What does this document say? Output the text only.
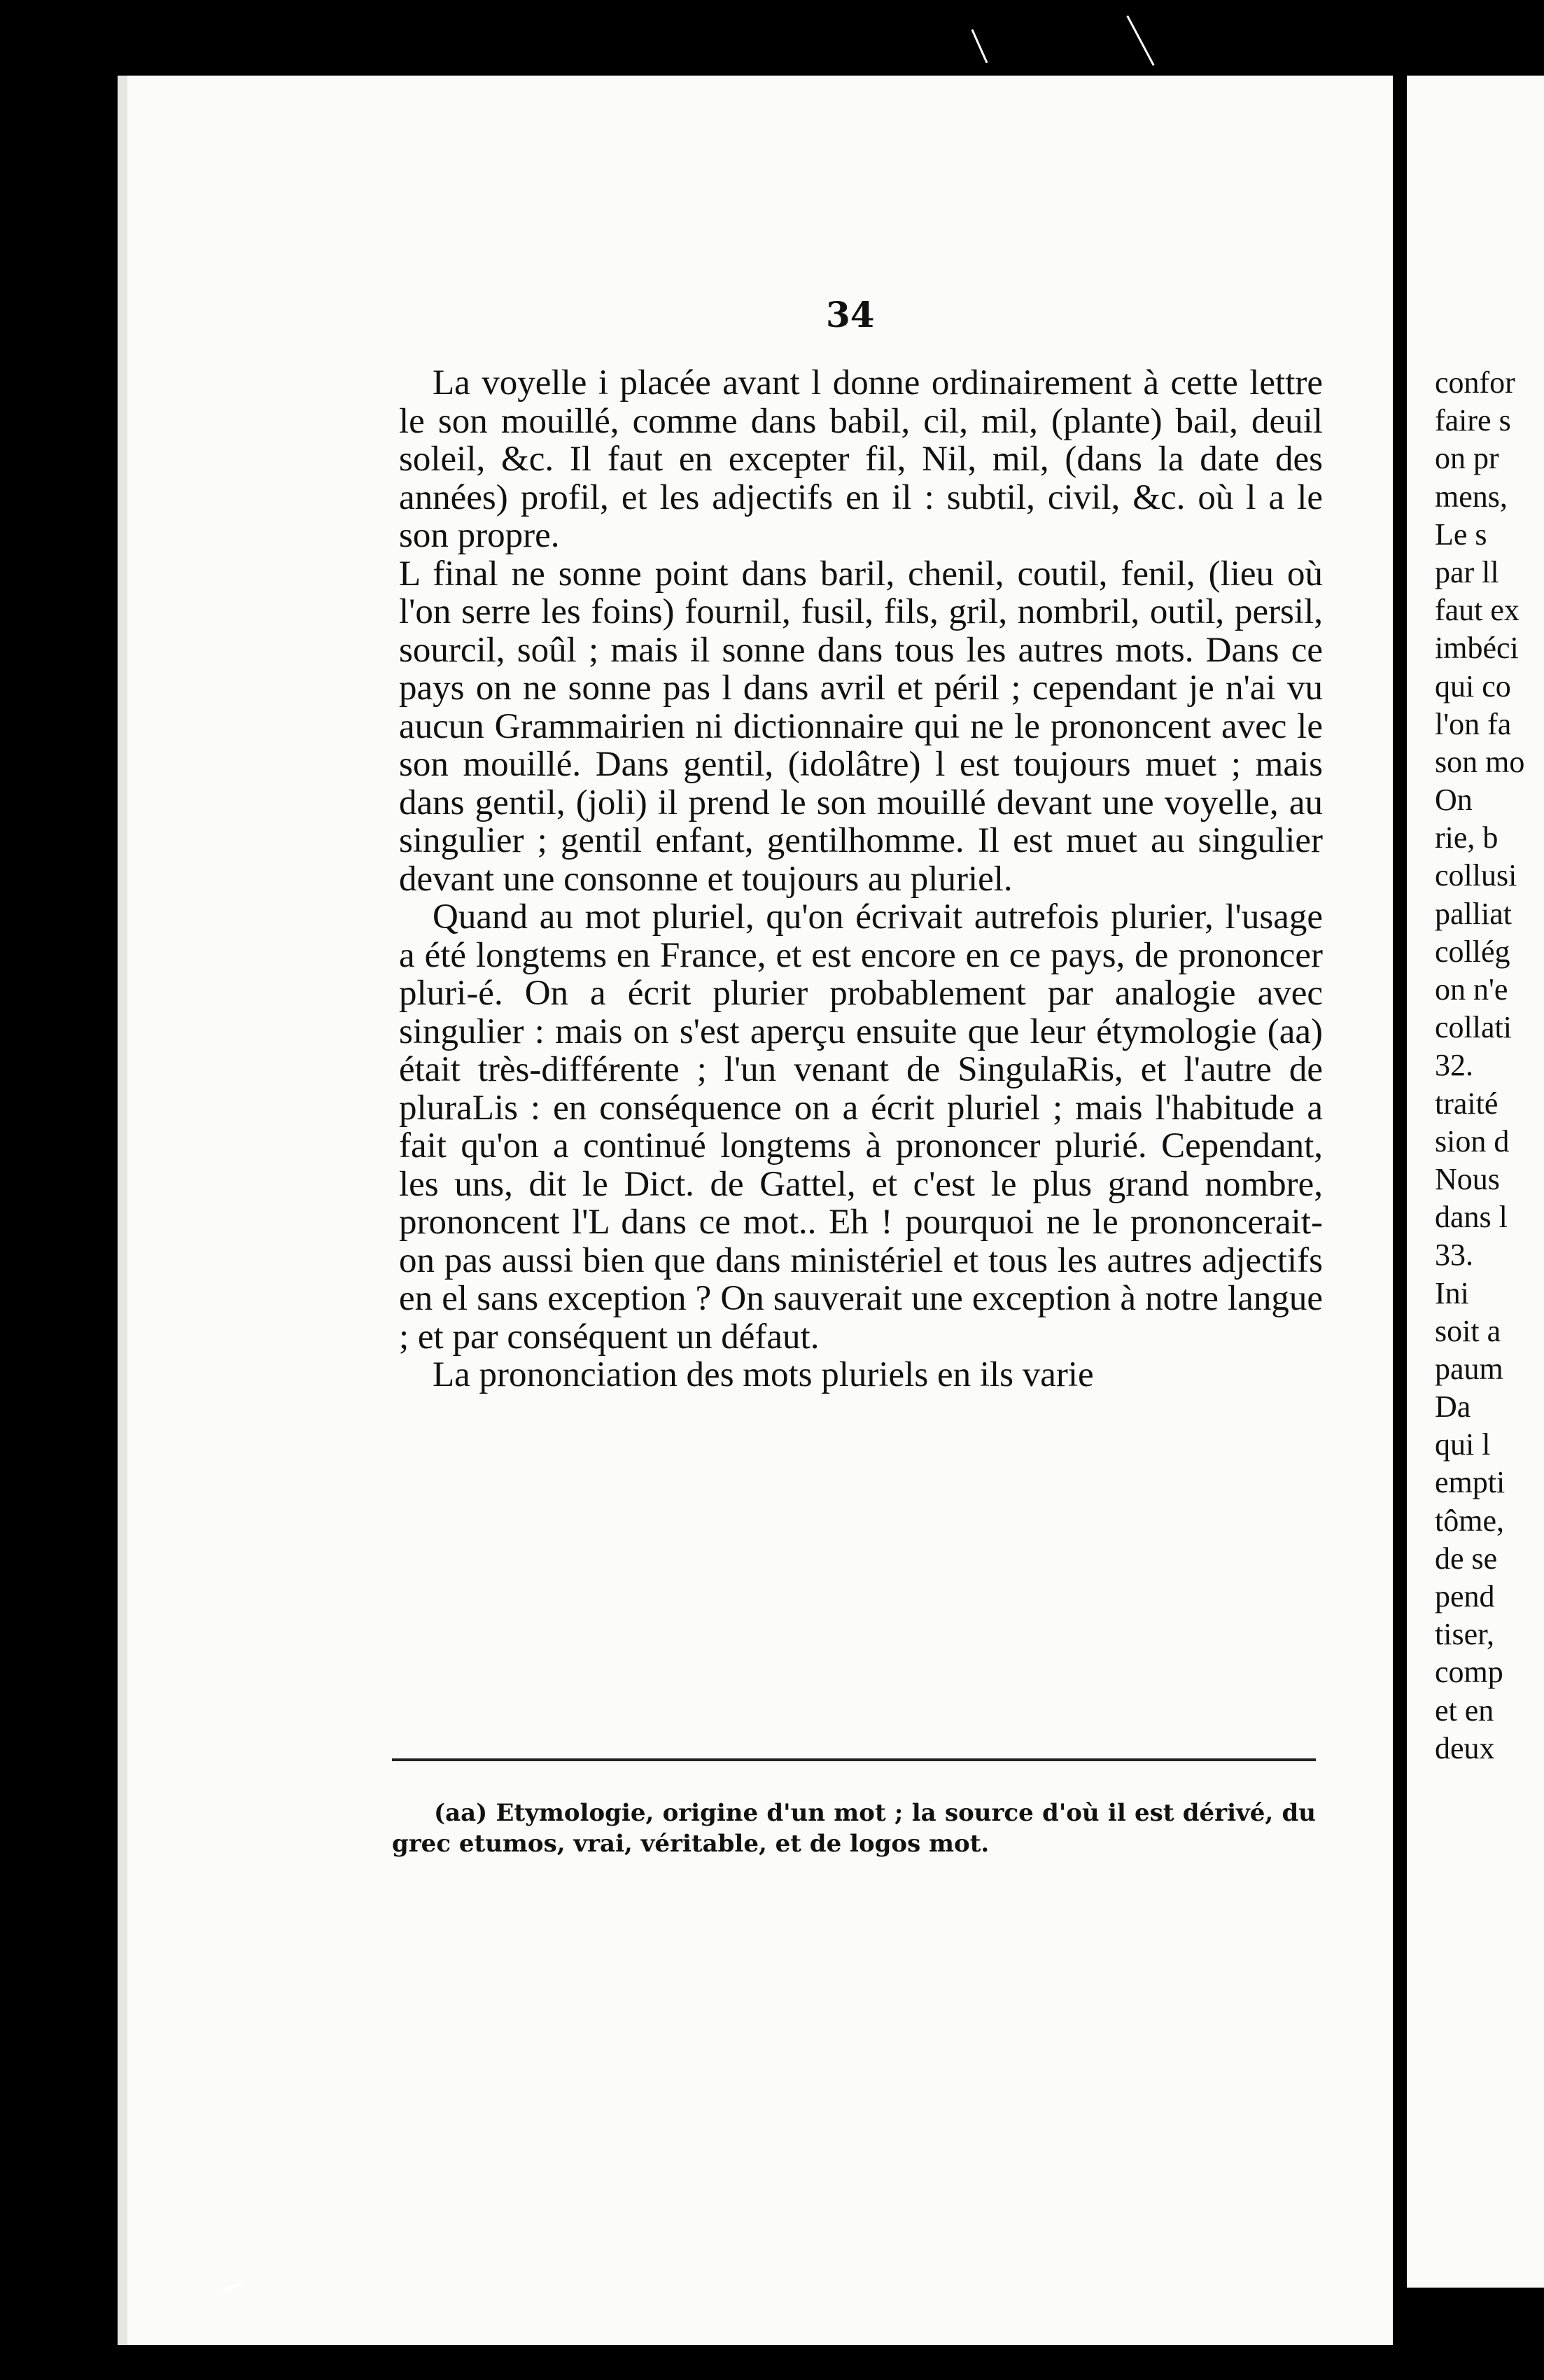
34

La voyelle i placée avant l donne ordinairement à cette lettre le son mouillé, comme dans babil, cil, mil, (plante) bail, deuil soleil, &c. Il faut en excepter fil, Nil, mil, (dans la date des années) profil, et les adjectifs en il : subtil, civil, &c. où l a le son propre.

L final ne sonne point dans baril, chenil, coutil, fenil, (lieu où l'on serre les foins) fournil, fusil, fils, gril, nombril, outil, persil, sourcil, soûl ; mais il sonne dans tous les autres mots. Dans ce pays on ne sonne pas l dans avril et péril ; cependant je n'ai vu aucun Grammairien ni dictionnaire qui ne le prononcent avec le son mouillé. Dans gentil, (idolâtre) l est toujours muet ; mais dans gentil, (joli) il prend le son mouillé devant une voyelle, au singulier ; gentil enfant, gentilhomme. Il est muet au singulier devant une consonne et toujours au pluriel.

Quand au mot pluriel, qu'on écrivait autrefois plurier, l'usage a été longtems en France, et est encore en ce pays, de prononcer pluri-é. On a écrit plurier probablement par analogie avec singulier : mais on s'est aperçu ensuite que leur étymologie (aa) était très-différente ; l'un venant de SingulaRis, et l'autre de pluraLis : en conséquence on a écrit pluriel ; mais l'habitude a fait qu'on a continué longtems à prononcer plurié. Cependant, les uns, dit le Dict. de Gattel, et c'est le plus grand nombre, prononcent l'L dans ce mot.. Eh ! pourquoi ne le prononcerait-on pas aussi bien que dans ministériel et tous les autres adjectifs en el sans exception ? On sauverait une exception à notre langue ; et par conséquent un défaut.

La prononciation des mots pluriels en ils varie

(aa) Etymologie, origine d'un mot ; la source d'où il est dérivé, du grec etumos, vrai, véritable, et de logos mot.

confor
faire s
on pr
mens,
Le s
par ll
faut ex
imbéci
qui co
l'on fa
son mo
On
rie, b
collusi
palliat
collég
on n'e
collati
32.
traité
sion d
Nous
dans l
33.
Ini
soit a
paum
Da
qui l
empti
tôme,
de se
pend
tiser,
comp
et en
deux
